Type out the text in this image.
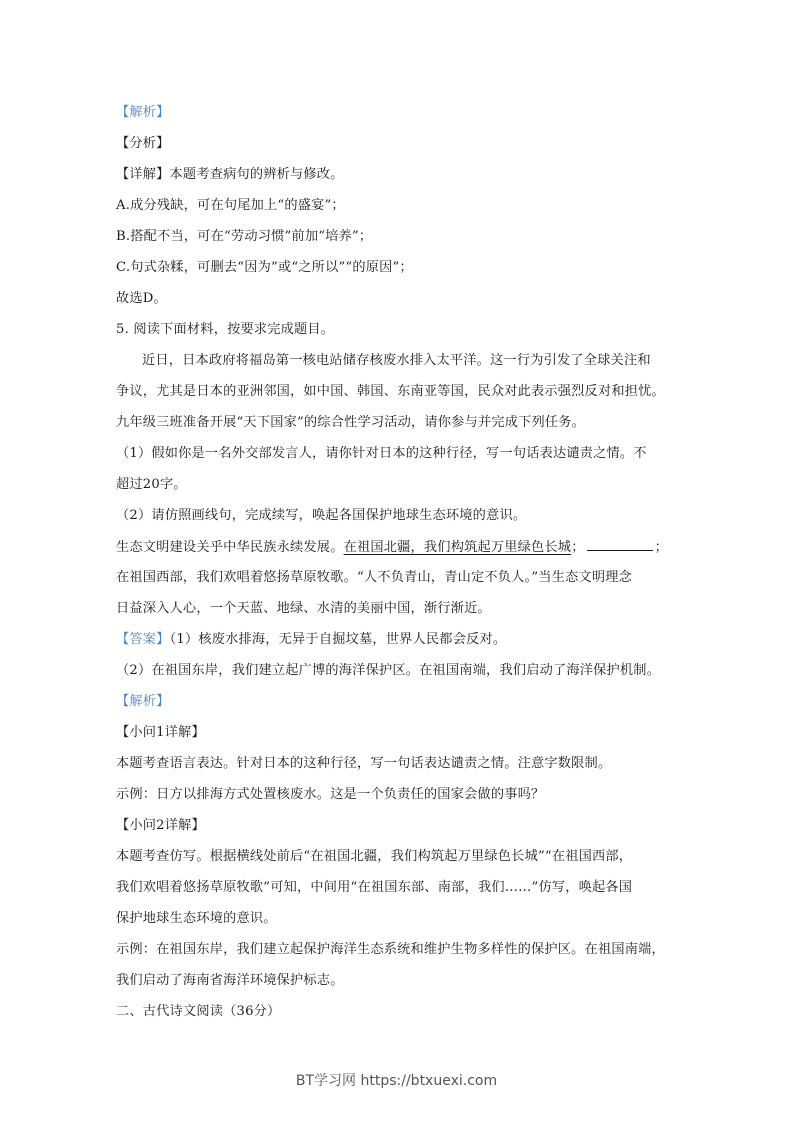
【解析】
【分析】
【详解】本题考查病句的辨析与修改。
A.成分残缺，可在句尾加上“的盛宴”；
B.搭配不当，可在“劳动习惯”前加“培养”；
C.句式杂糅，可删去“因为”或“之所以”“的原因”；
故选D。
5. 阅读下面材料，按要求完成题目。
近日，日本政府将福岛第一核电站储存核废水排入太平洋。这一行为引发了全球关注和
争议，尤其是日本的亚洲邻国，如中国、韩国、东南亚等国，民众对此表示强烈反对和担忧。
九年级三班准备开展“天下国家”的综合性学习活动，请你参与并完成下列任务。
（1）假如你是一名外交部发言人，请你针对日本的这种行径，写一句话表达谴责之情。不
超过20字。
（2）请仿照画线句，完成续写，唤起各国保护地球生态环境的意识。
生态文明建设关乎中华民族永续发展。在祖国北疆，我们构筑起万里绿色长城；	；
在祖国西部，我们欢唱着悠扬草原牧歌。“人不负青山，青山定不负人。”当生态文明理念
日益深入人心，一个天蓝、地绿、水清的美丽中国，渐行渐近。
【答案】（1）核废水排海，无异于自掘坟墓，世界人民都会反对。
（2）在祖国东岸，我们建立起广博的海洋保护区。在祖国南端，我们启动了海洋保护机制。
【解析】
【小问1详解】
本题考查语言表达。针对日本的这种行径，写一句话表达谴责之情。注意字数限制。
示例：日方以排海方式处置核废水。这是一个负责任的国家会做的事吗？
【小问2详解】
本题考查仿写。根据横线处前后“在祖国北疆，我们构筑起万里绿色长城”“在祖国西部，
我们欢唱着悠扬草原牧歌”可知，中间用“在祖国东部、南部，我们……”仿写，唤起各国
保护地球生态环境的意识。
示例：在祖国东岸，我们建立起保护海洋生态系统和维护生物多样性的保护区。在祖国南端，
我们启动了海南省海洋环境保护标志。
二、古代诗文阅读（36分）
BT学习网 https://btxuexi.com
